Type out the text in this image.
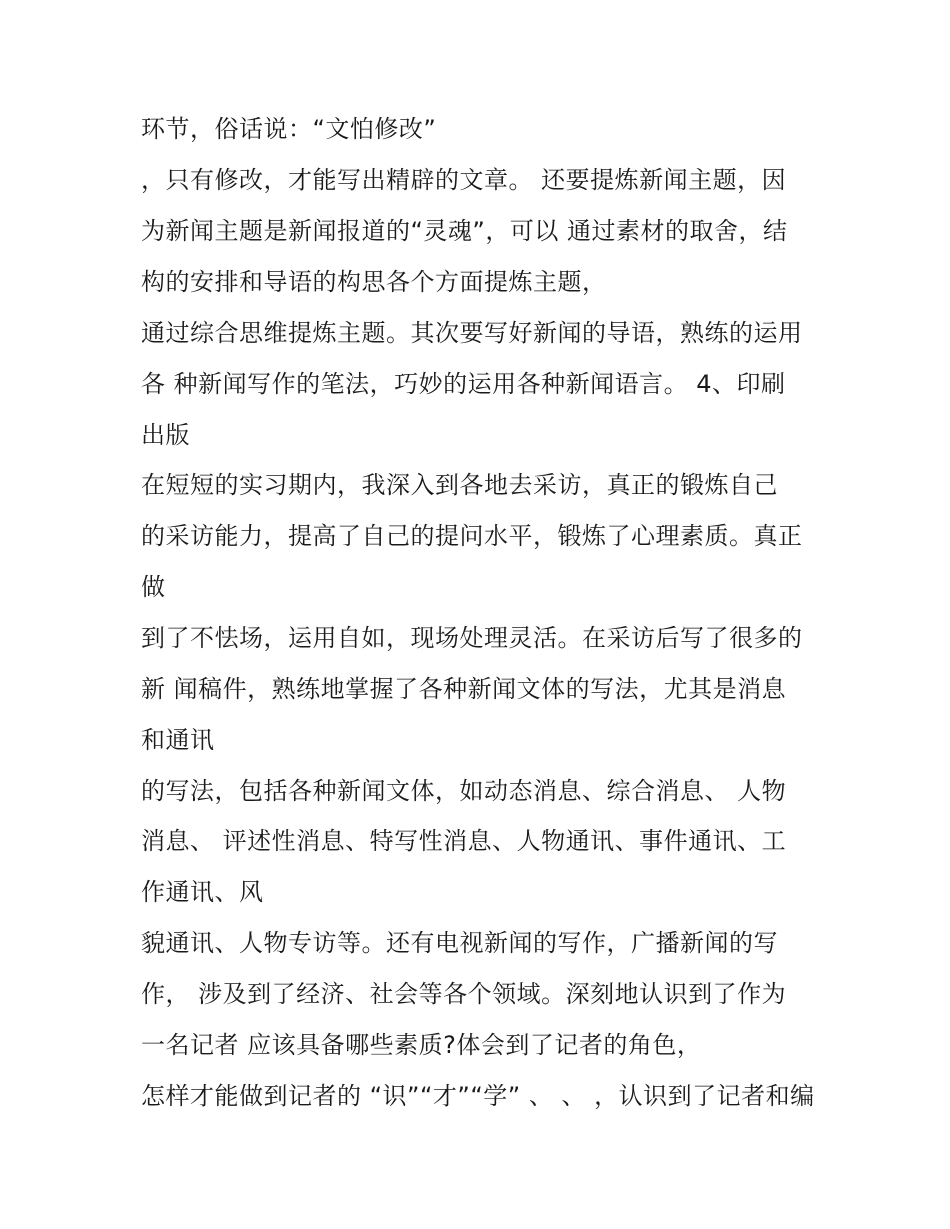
环节，俗话说：“文怕修改”

，只有修改，才能写出精辟的文章。 还要提炼新闻主题，因

为新闻主题是新闻报道的“灵魂”，可以 通过素材的取舍，结

构的安排和导语的构思各个方面提炼主题，

通过综合思维提炼主题。其次要写好新闻的导语，熟练的运用

各 种新闻写作的笔法，巧妙的运用各种新闻语言。 4、印刷

出版

在短短的实习期内，我深入到各地去采访，真正的锻炼自己

的采访能力，提高了自己的提问水平，锻炼了心理素质。真正

做

到了不怯场，运用自如，现场处理灵活。在采访后写了很多的

新 闻稿件，熟练地掌握了各种新闻文体的写法，尤其是消息

和通讯

的写法，包括各种新闻文体，如动态消息、综合消息、 人物

消息、 评述性消息、特写性消息、人物通讯、事件通讯、工

作通讯、风

貌通讯、人物专访等。还有电视新闻的写作，广播新闻的写

作， 涉及到了经济、社会等各个领域。深刻地认识到了作为

一名记者 应该具备哪些素质?体会到了记者的角色，

怎样才能做到记者的 “识”“才”“学” 、 、 ，认识到了记者和编
